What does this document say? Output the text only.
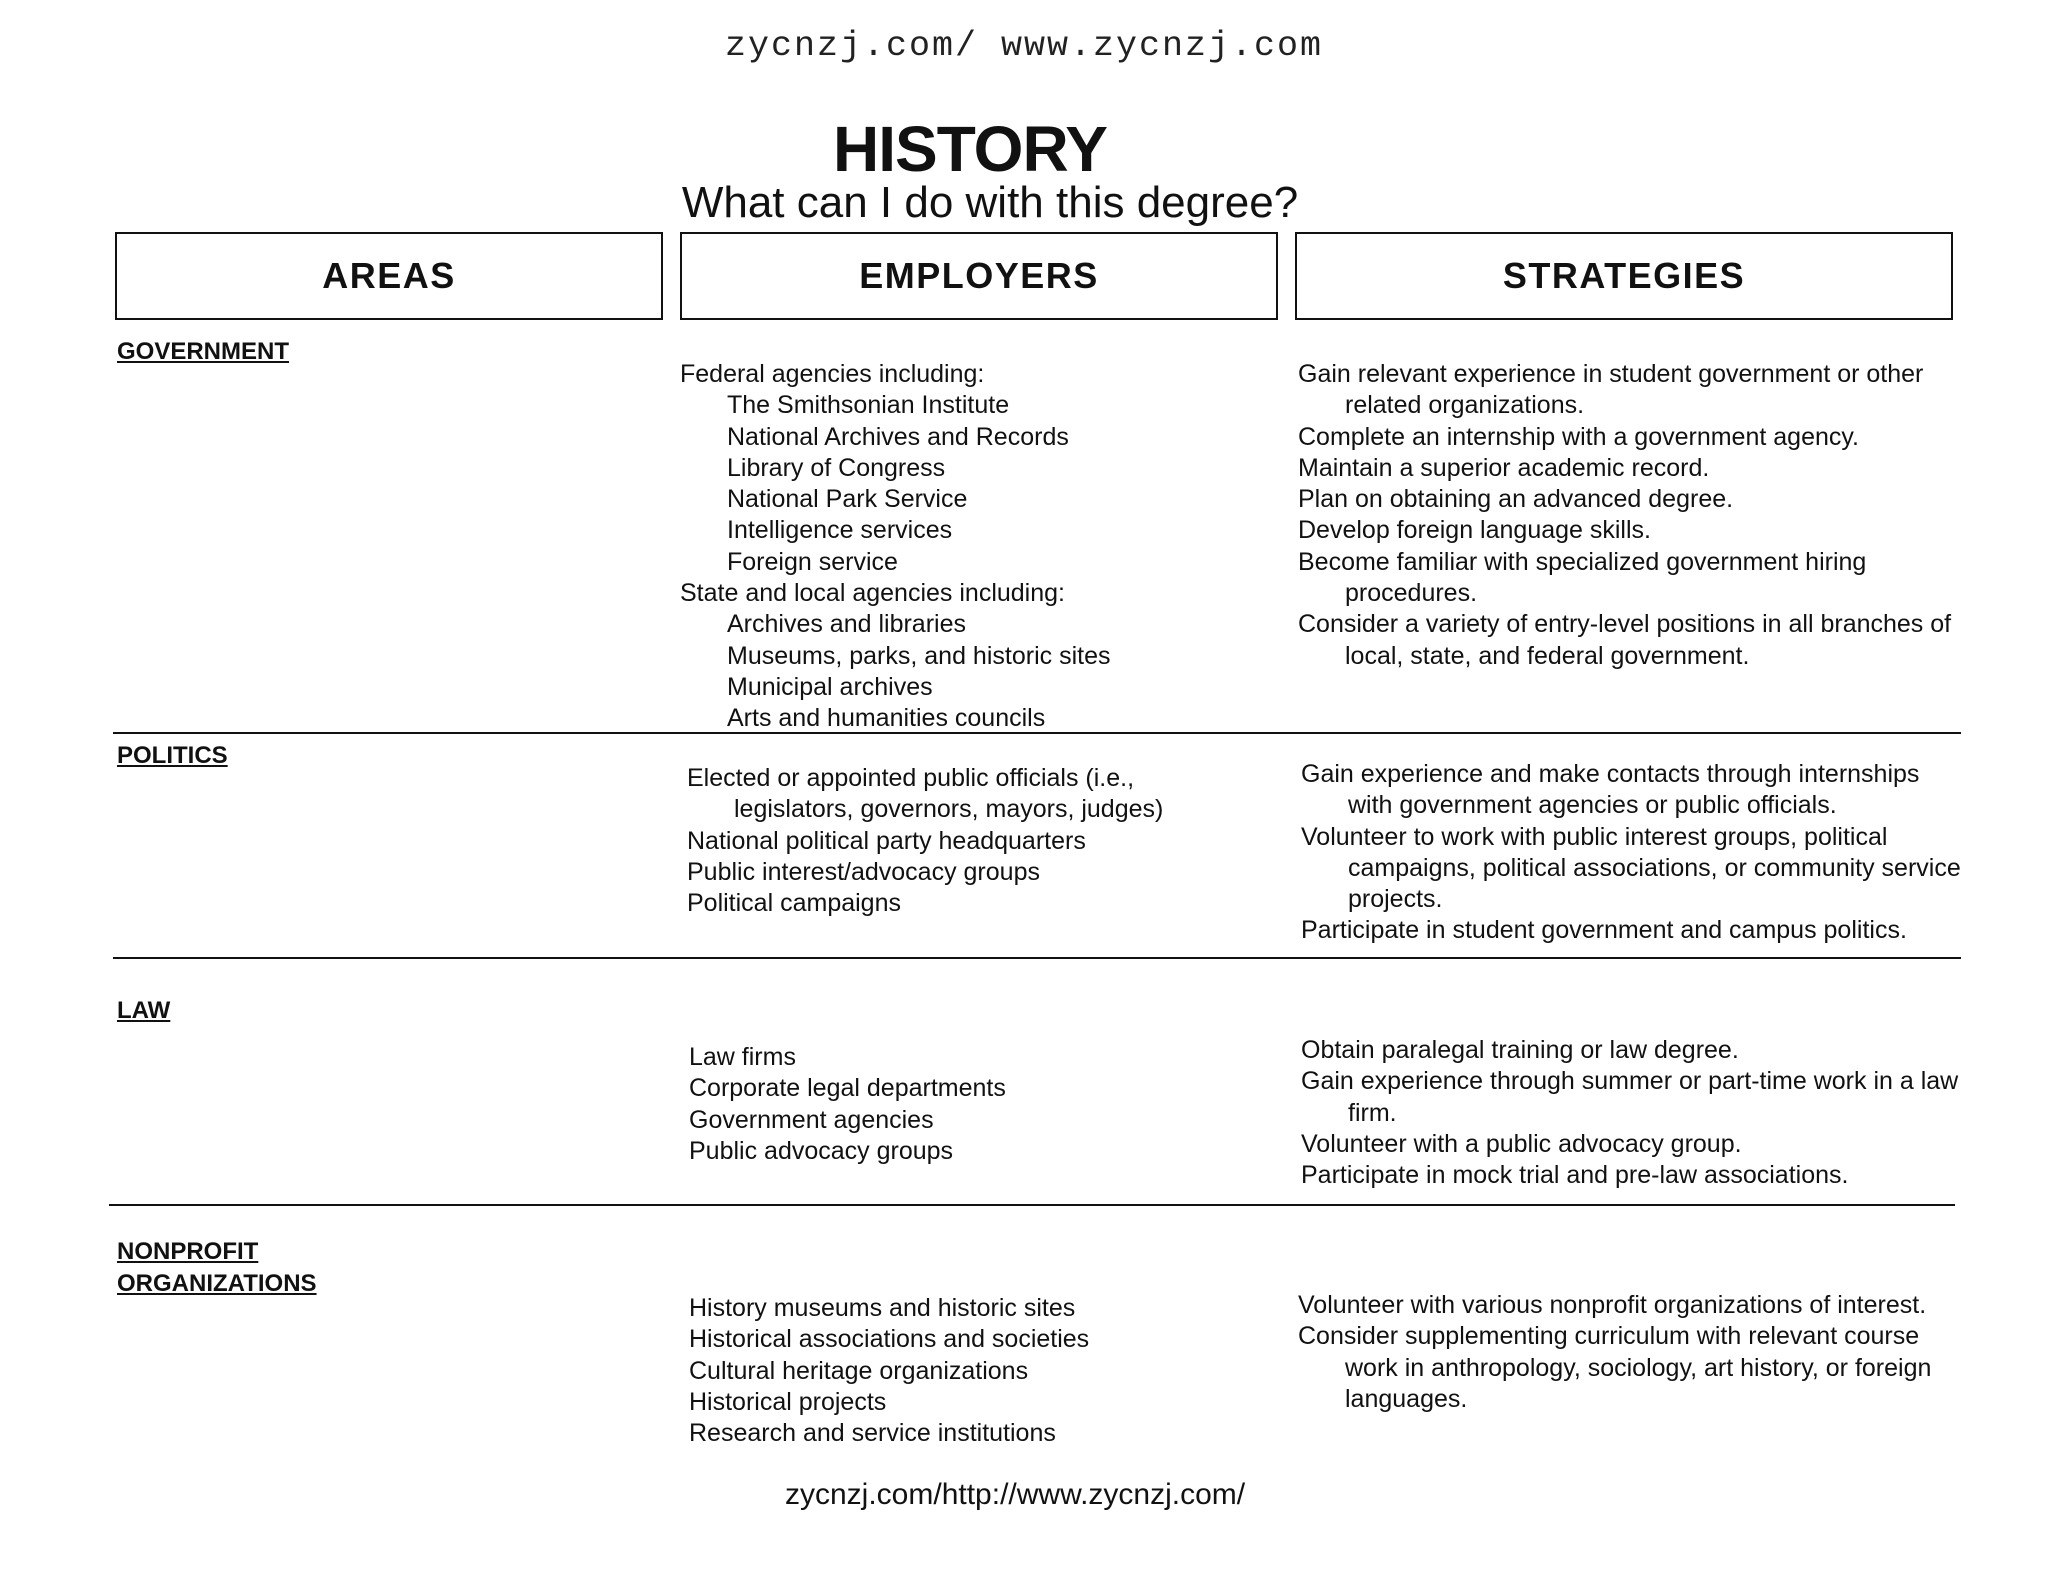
zycnzj.com/ www.zycnzj.com
HISTORY
What can I do with this degree?
AREAS	EMPLOYERS	STRATEGIES
GOVERNMENT
Federal agencies including:
The Smithsonian Institute
National Archives and Records
Library of Congress
National Park Service
Intelligence services
Foreign service
State and local agencies including:
Archives and libraries
Museums, parks, and historic sites
Municipal archives
Arts and humanities councils
Gain relevant experience in student government or other related organizations.
Complete an internship with a government agency.
Maintain a superior academic record.
Plan on obtaining an advanced degree.
Develop foreign language skills.
Become familiar with specialized government hiring procedures.
Consider a variety of entry-level positions in all branches of local, state, and federal government.
POLITICS
Elected or appointed public officials (i.e.,
legislators, governors, mayors, judges)
National political party headquarters
Public interest/advocacy groups
Political campaigns
Gain experience and make contacts through internships with government agencies or public officials.
Volunteer to work with public interest groups, political campaigns, political associations, or community service projects.
Participate in student government and campus politics.
LAW
Law firms
Corporate legal departments
Government agencies
Public advocacy groups
Obtain paralegal training or law degree.
Gain experience through summer or part-time work in a law firm.
Volunteer with a public advocacy group.
Participate in mock trial and pre-law associations.
NONPROFIT
ORGANIZATIONS
History museums and historic sites
Historical associations and societies
Cultural heritage organizations
Historical projects
Research and service institutions
Volunteer with various nonprofit organizations of interest.
Consider supplementing curriculum with relevant course work in anthropology, sociology, art history, or foreign languages.
zycnzj.com/http://www.zycnzj.com/
